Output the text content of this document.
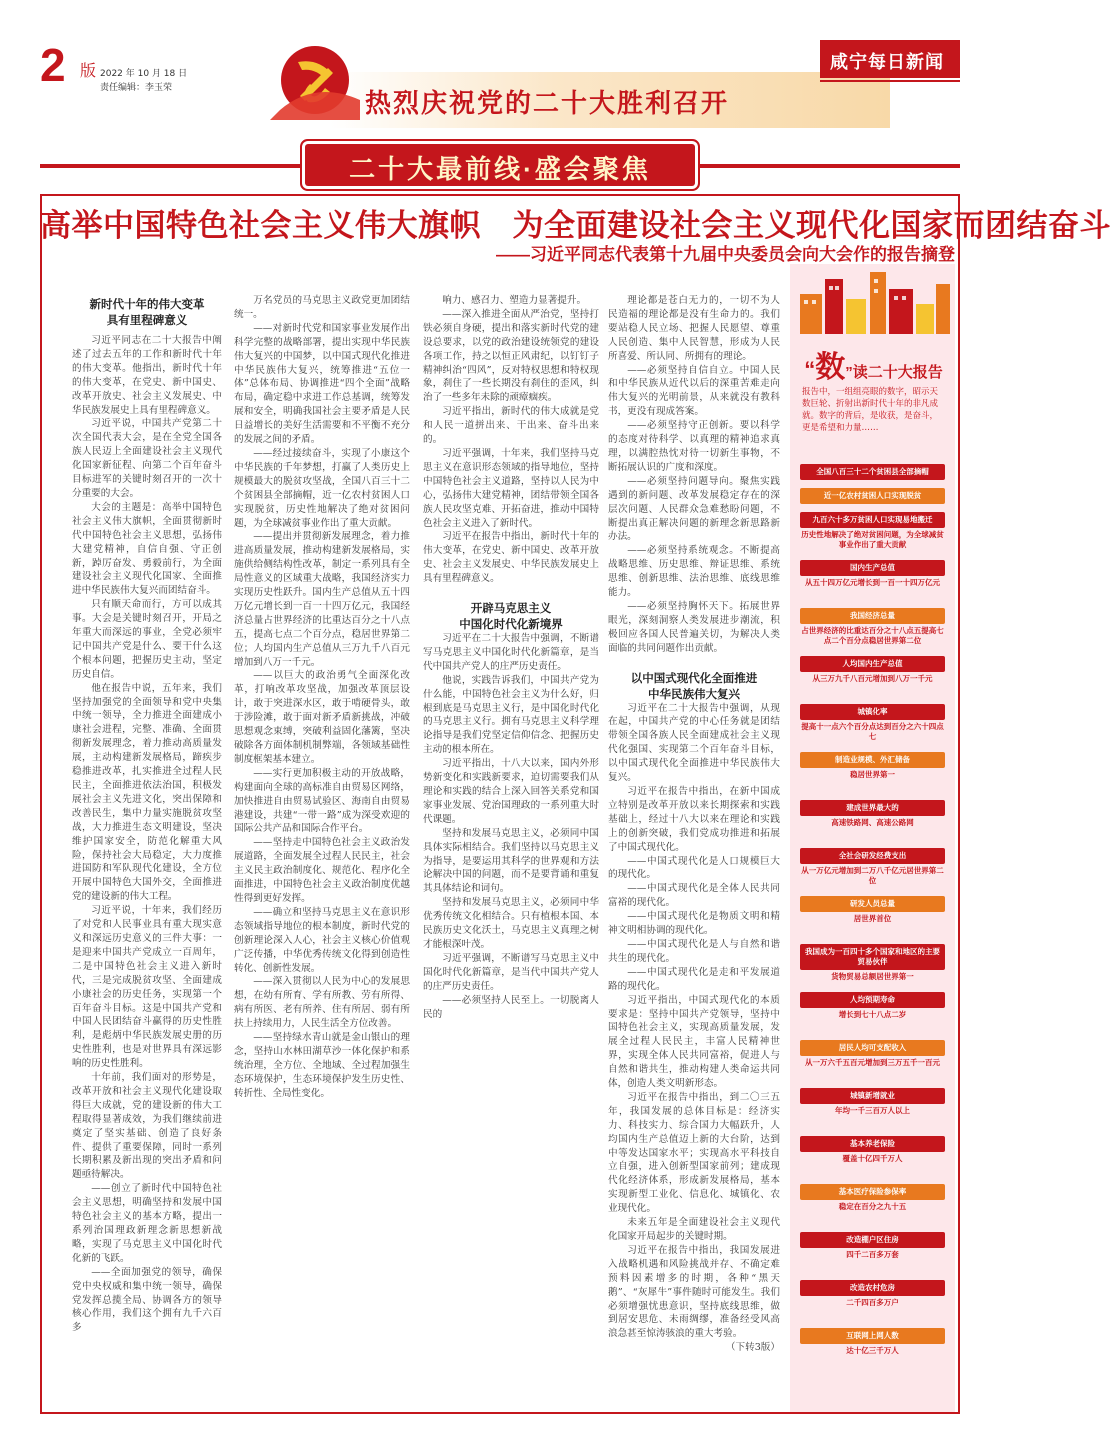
2 版 2022 年 10 月 18 日
责任编辑：李玉荣	热烈庆祝党的二十大胜利召开
咸宁每日新闻
二十大最前线·盛会聚焦
高举中国特色社会主义伟大旗帜　为全面建设社会主义现代化国家而团结奋斗
——习近平同志代表第十九届中央委员会向大会作的报告摘登
新时代十年的伟大变革
具有里程碑意义

习近平同志在二十大报告中阐述了过去五年的工作和新时代十年的伟大变革。他指出，新时代十年的伟大变革，在党史、新中国史、改革开放史、社会主义发展史、中华民族发展史上具有里程碑意义。

习近平说，中国共产党第二十次全国代表大会，是在全党全国各族人民迈上全面建设社会主义现代化国家新征程、向第二个百年奋斗目标进军的关键时刻召开的一次十分重要的大会。

大会的主题是：高举中国特色社会主义伟大旗帜，全面贯彻新时代中国特色社会主义思想，弘扬伟大建党精神，自信自强、守正创新，踔厉奋发、勇毅前行，为全面建设社会主义现代化国家、全面推进中华民族伟大复兴而团结奋斗。

只有顺天命而行，方可以成其事。大会是关键时刻召开，开局之年重大而深远的事业，全党必须牢记中国共产党是什么、要干什么这个根本问题，把握历史主动，坚定历史自信。

他在报告中说，五年来，我们坚持加强党的全面领导和党中央集中统一领导，全力推进全面建成小康社会进程，完整、准确、全面贯彻新发展理念，着力推动高质量发展，主动构建新发展格局，蹄疾步稳推进改革，扎实推进全过程人民民主，全面推进依法治国，积极发展社会主义先进文化，突出保障和改善民生，集中力量实施脱贫攻坚战，大力推进生态文明建设，坚决维护国家安全，防范化解重大风险，保持社会大局稳定，大力度推进国防和军队现代化建设，全方位开展中国特色大国外交，全面推进党的建设新的伟大工程。

习近平说，十年来，我们经历了对党和人民事业具有重大现实意义和深远历史意义的三件大事：一是迎来中国共产党成立一百周年，二是中国特色社会主义进入新时代，三是完成脱贫攻坚、全面建成小康社会的历史任务，实现第一个百年奋斗目标。这是中国共产党和中国人民团结奋斗赢得的历史性胜利，是彪炳中华民族发展史册的历史性胜利，也是对世界具有深远影响的历史性胜利。

十年前，我们面对的形势是，改革开放和社会主义现代化建设取得巨大成就，党的建设新的伟大工程取得显著成效，为我们继续前进奠定了坚实基础、创造了良好条件、提供了重要保障，同时一系列长期积累及新出现的突出矛盾和问题亟待解决。

——创立了新时代中国特色社会主义思想，明确坚持和发展中国特色社会主义的基本方略，提出一系列治国理政新理念新思想新战略，实现了马克思主义中国化时代化新的飞跃。

——全面加强党的领导，确保党中央权威和集中统一领导，确保党发挥总揽全局、协调各方的领导核心作用，我们这个拥有九千六百多

万名党员的马克思主义政党更加团结统一。

——对新时代党和国家事业发展作出科学完整的战略部署，提出实现中华民族伟大复兴的中国梦，以中国式现代化推进中华民族伟大复兴，统筹推进“五位一体”总体布局、协调推进“四个全面”战略布局，确定稳中求进工作总基调，统筹发展和安全，明确我国社会主要矛盾是人民日益增长的美好生活需要和不平衡不充分的发展之间的矛盾。

——经过接续奋斗，实现了小康这个中华民族的千年梦想，打赢了人类历史上规模最大的脱贫攻坚战，全国八百三十二个贫困县全部摘帽，近一亿农村贫困人口实现脱贫，历史性地解决了绝对贫困问题，为全球减贫事业作出了重大贡献。

——提出并贯彻新发展理念，着力推进高质量发展，推动构建新发展格局，实施供给侧结构性改革，制定一系列具有全局性意义的区域重大战略，我国经济实力实现历史性跃升。国内生产总值从五十四万亿元增长到一百一十四万亿元，我国经济总量占世界经济的比重达百分之十八点五，提高七点二个百分点，稳居世界第二位；人均国内生产总值从三万九千八百元增加到八万一千元。

——以巨大的政治勇气全面深化改革，打响改革攻坚战，加强改革顶层设计，敢于突进深水区，敢于啃硬骨头，敢于涉险滩，敢于面对新矛盾新挑战，冲破思想观念束缚，突破利益固化藩篱，坚决破除各方面体制机制弊端，各领域基础性制度框架基本建立。

——实行更加积极主动的开放战略，构建面向全球的高标准自由贸易区网络，加快推进自由贸易试验区、海南自由贸易港建设，共建“一带一路”成为深受欢迎的国际公共产品和国际合作平台。

——坚持走中国特色社会主义政治发展道路，全面发展全过程人民民主，社会主义民主政治制度化、规范化、程序化全面推进，中国特色社会主义政治制度优越性得到更好发挥。

——确立和坚持马克思主义在意识形态领域指导地位的根本制度，新时代党的创新理论深入人心，社会主义核心价值观广泛传播，中华优秀传统文化得到创造性转化、创新性发展。

——深入贯彻以人民为中心的发展思想，在幼有所育、学有所教、劳有所得、病有所医、老有所养、住有所居、弱有所扶上持续用力，人民生活全方位改善。

——坚持绿水青山就是金山银山的理念，坚持山水林田湖草沙一体化保护和系统治理，全方位、全地域、全过程加强生态环境保护，生态环境保护发生历史性、转折性、全局性变化。

响力、感召力、塑造力显著提升。

——深入推进全面从严治党，坚持打铁必须自身硬，提出和落实新时代党的建设总要求，以党的政治建设统领党的建设各项工作，持之以恒正风肃纪，以钉钉子精神纠治“四风”，反对特权思想和特权现象，刹住了一些长期没有刹住的歪风，纠治了一些多年未除的顽瘴痼疾。

习近平指出，新时代的伟大成就是党和人民一道拼出来、干出来、奋斗出来的。

习近平强调，十年来，我们坚持马克思主义在意识形态领域的指导地位，坚持中国特色社会主义道路，坚持以人民为中心，弘扬伟大建党精神，团结带领全国各族人民攻坚克难、开拓奋进，推动中国特色社会主义进入了新时代。

习近平在报告中指出，新时代十年的伟大变革，在党史、新中国史、改革开放史、社会主义发展史、中华民族发展史上具有里程碑意义。

开辟马克思主义
中国化时代化新境界

习近平在二十大报告中强调，不断谱写马克思主义中国化时代化新篇章，是当代中国共产党人的庄严历史责任。

他说，实践告诉我们，中国共产党为什么能，中国特色社会主义为什么好，归根到底是马克思主义行，是中国化时代化的马克思主义行。拥有马克思主义科学理论指导是我们党坚定信仰信念、把握历史主动的根本所在。

习近平指出，十八大以来，国内外形势新变化和实践新要求，迫切需要我们从理论和实践的结合上深入回答关系党和国家事业发展、党治国理政的一系列重大时代课题。

坚持和发展马克思主义，必须同中国具体实际相结合。我们坚持以马克思主义为指导，是要运用其科学的世界观和方法论解决中国的问题，而不是要背诵和重复其具体结论和词句。

坚持和发展马克思主义，必须同中华优秀传统文化相结合。只有植根本国、本民族历史文化沃土，马克思主义真理之树才能根深叶茂。

习近平强调，不断谱写马克思主义中国化时代化新篇章，是当代中国共产党人的庄严历史责任。

——必须坚持人民至上。一切脱离人民的

理论都是苍白无力的，一切不为人民造福的理论都是没有生命力的。我们要站稳人民立场、把握人民愿望、尊重人民创造、集中人民智慧，形成为人民所喜爱、所认同、所拥有的理论。

——必须坚持自信自立。中国人民和中华民族从近代以后的深重苦难走向伟大复兴的光明前景，从来就没有教科书，更没有现成答案。

——必须坚持守正创新。要以科学的态度对待科学、以真理的精神追求真理，以满腔热忱对待一切新生事物，不断拓展认识的广度和深度。

——必须坚持问题导向。聚焦实践遇到的新问题、改革发展稳定存在的深层次问题、人民群众急难愁盼问题，不断提出真正解决问题的新理念新思路新办法。

——必须坚持系统观念。不断提高战略思维、历史思维、辩证思维、系统思维、创新思维、法治思维、底线思维能力。

——必须坚持胸怀天下。拓展世界眼光，深刻洞察人类发展进步潮流，积极回应各国人民普遍关切，为解决人类面临的共同问题作出贡献。

以中国式现代化全面推进
中华民族伟大复兴

习近平在二十大报告中强调，从现在起，中国共产党的中心任务就是团结带领全国各族人民全面建成社会主义现代化强国、实现第二个百年奋斗目标，以中国式现代化全面推进中华民族伟大复兴。

习近平在报告中指出，在新中国成立特别是改革开放以来长期探索和实践基础上，经过十八大以来在理论和实践上的创新突破，我们党成功推进和拓展了中国式现代化。

——中国式现代化是人口规模巨大的现代化。

——中国式现代化是全体人民共同富裕的现代化。

——中国式现代化是物质文明和精神文明相协调的现代化。

——中国式现代化是人与自然和谐共生的现代化。

——中国式现代化是走和平发展道路的现代化。

习近平指出，中国式现代化的本质要求是：坚持中国共产党领导，坚持中国特色社会主义，实现高质量发展，发展全过程人民民主，丰富人民精神世界，实现全体人民共同富裕，促进人与自然和谐共生，推动构建人类命运共同体，创造人类文明新形态。

习近平在报告中指出，到二〇三五年，我国发展的总体目标是：经济实力、科技实力、综合国力大幅跃升，人均国内生产总值迈上新的大台阶，达到中等发达国家水平；实现高水平科技自立自强，进入创新型国家前列；建成现代化经济体系，形成新发展格局，基本实现新型工业化、信息化、城镇化、农业现代化。

未来五年是全面建设社会主义现代化国家开局起步的关键时期。

习近平在报告中指出，我国发展进入战略机遇和风险挑战并存、不确定难预料因素增多的时期，各种“黑天鹅”、“灰犀牛”事件随时可能发生。我们必须增强忧患意识，坚持底线思维，做到居安思危、未雨绸缪，准备经受风高浪急甚至惊涛骇浪的重大考验。

（下转3版）
“数”读二十大报告
报告中，一组组亮眼的数字，昭示天数巨轮、折射出新时代十年的非凡成就。数字的背后，是收获，是奋斗，更是希望和力量……
全国八百三十二个贫困县全部摘帽
近一亿农村贫困人口实现脱贫
九百六十多万贫困人口实现易地搬迁
历史性地解决了绝对贫困问题，为全球减贫事业作出了重大贡献
国内生产总值
从五十四万亿元增长到一百一十四万亿元
我国经济总量
占世界经济的比重达百分之十八点五提高七点二个百分点稳居世界第二位
人均国内生产总值
从三万九千八百元增加到八万一千元
城镇化率
提高十一点六个百分点达到百分之六十四点七
制造业规模、外汇储备
稳居世界第一
建成世界最大的
高速铁路网、高速公路网
全社会研发经费支出
从一万亿元增加到二万八千亿元居世界第二位
研发人员总量
居世界首位
我国成为一百四十多个国家和地区的主要贸易伙伴
货物贸易总额居世界第一
人均预期寿命
增长到七十八点二岁
居民人均可支配收入
从一万六千五百元增加到三万五千一百元
城镇新增就业
年均一千三百万人以上
基本养老保险
覆盖十亿四千万人
基本医疗保险参保率
稳定在百分之九十五
改造棚户区住房
四千二百多万套
改造农村危房
二千四百多万户
互联网上网人数
达十亿三千万人
